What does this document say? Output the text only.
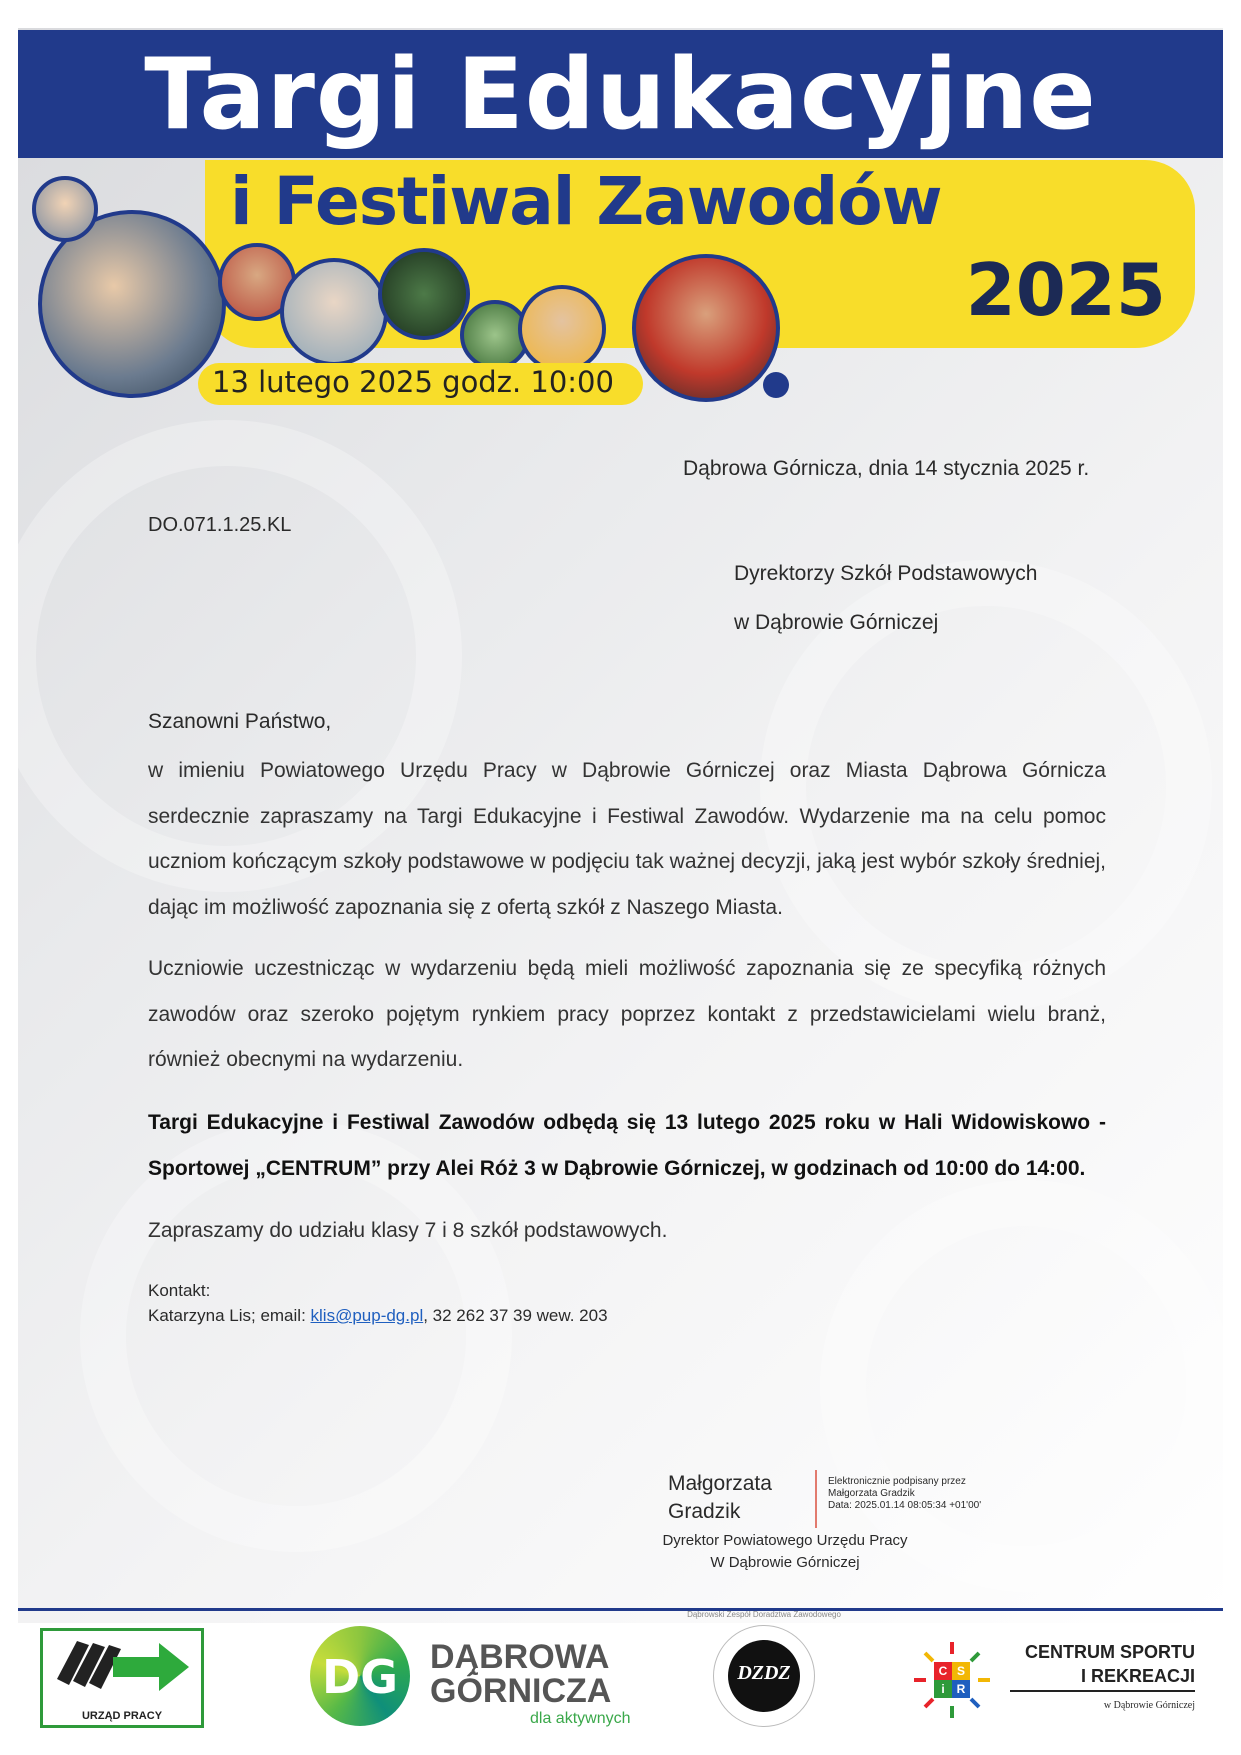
Targi Edukacyjne
i Festiwal Zawodów
2025
13 lutego 2025 godz. 10:00
Dąbrowa Górnicza, dnia 14 stycznia 2025 r.
DO.071.1.25.KL
Dyrektorzy Szkół Podstawowych
w Dąbrowie Górniczej
Szanowni Państwo,
w imieniu Powiatowego Urzędu Pracy w Dąbrowie Górniczej oraz Miasta Dąbrowa Górnicza serdecznie zapraszamy na Targi Edukacyjne i Festiwal Zawodów. Wydarzenie ma na celu pomoc uczniom kończącym szkoły podstawowe w podjęciu tak ważnej decyzji, jaką jest wybór szkoły średniej, dając im możliwość zapoznania się z ofertą szkół z Naszego Miasta.
Uczniowie uczestnicząc w wydarzeniu będą mieli możliwość zapoznania się ze specyfiką różnych zawodów oraz szeroko pojętym rynkiem pracy poprzez kontakt z przedstawicielami wielu branż, również obecnymi na wydarzeniu.
Targi Edukacyjne i Festiwal Zawodów odbędą się 13 lutego 2025 roku w Hali Widowiskowo - Sportowej „CENTRUM” przy Alei Róż 3 w Dąbrowie Górniczej, w godzinach od 10:00 do 14:00.
Zapraszamy do udziału klasy 7 i 8 szkół podstawowych.
Kontakt:
Katarzyna Lis; email: klis@pup-dg.pl, 32 262 37 39 wew. 203
Małgorzata
Gradzik
Elektronicznie podpisany przez
Małgorzata Gradzik
Data: 2025.01.14 08:05:34 +01'00'
Dyrektor Powiatowego Urzędu Pracy
W Dąbrowie Górniczej
URZĄD PRACY
DG DĄBROWA
GÓRNICZA
dla aktywnych
DZDZ
Dąbrowski Zespół Doradztwa Zawodowego
C S
i R
CENTRUM SPORTU
I REKREACJI
w Dąbrowie Górniczej
